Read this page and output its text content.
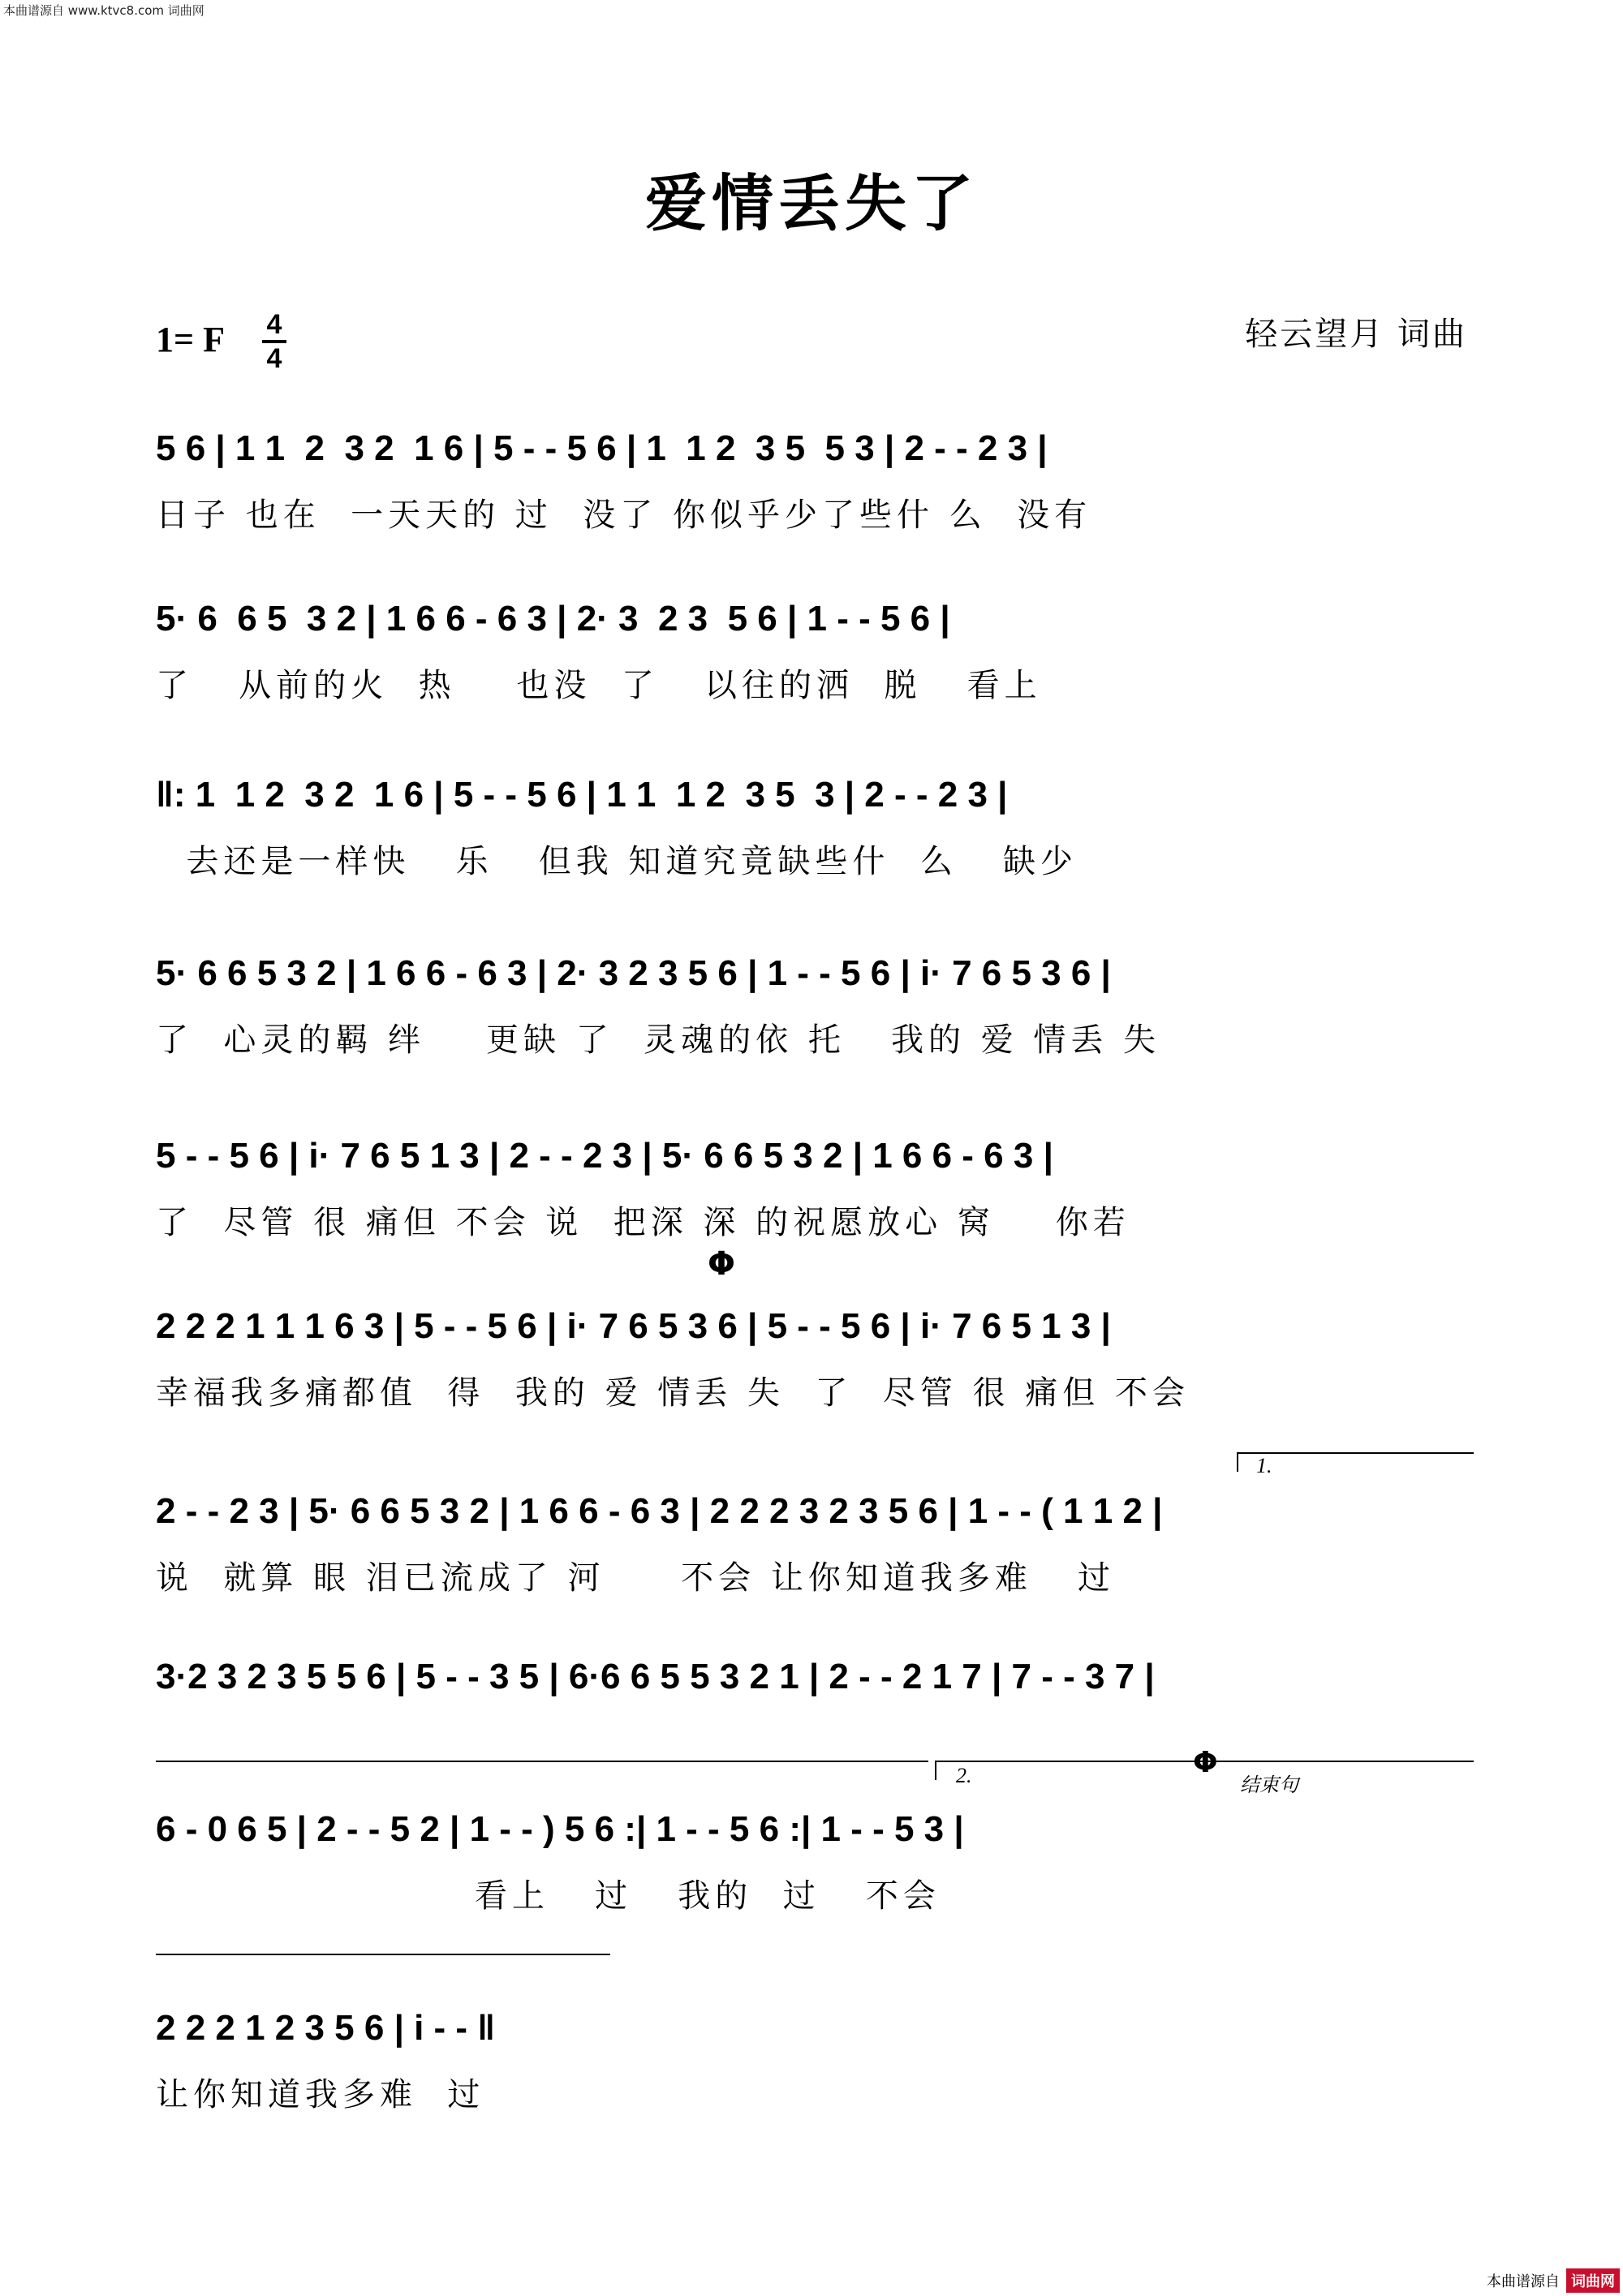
本曲谱源自 www.ktvc8.com 词曲网
爱情丢失了
1= F 4
4
轻云望月 词曲
5 6 | 1 1  2  3 2  1 6 | 5 - - 5 6 | 1  1 2  3 5  5 3 | 2 - - 2 3 |
日子 也在  一天天的 过  没了 你似乎少了些什 么  没有
5· 6  6 5  3 2 | 1 6 6 - 6 3 | 2· 3  2 3  5 6 | 1 - - 5 6 |
了   从前的火  热    也没  了   以往的洒  脱   看上
‖: 1  1 2  3 2  1 6 | 5 - - 5 6 | 1 1  1 2  3 5  3 | 2 - - 2 3 |
去还是一样快   乐   但我 知道究竟缺些什  么   缺少
5· 6 6 5 3 2 | 1 6 6 - 6 3 | 2· 3 2 3 5 6 | 1 - - 5 6 | i· 7 6 5 3 6 |
了  心灵的羁 绊    更缺 了  灵魂的依 托   我的 爱 情丢 失
5 - - 5 6 | i· 7 6 5 1 3 | 2 - - 2 3 | 5· 6 6 5 3 2 | 1 6 6 - 6 3 |
了  尽管 很 痛但 不会 说  把深 深 的祝愿放心 窝    你若
Φ
2 2 2 1 1 1 6 3 | 5 - - 5 6 | i· 7 6 5 3 6 | 5 - - 5 6 | i· 7 6 5 1 3 |
幸福我多痛都值  得  我的 爱 情丢 失  了  尽管 很 痛但 不会
1.
2 - - 2 3 | 5· 6 6 5 3 2 | 1 6 6 - 6 3 | 2 2 2 3 2 3 5 6 | 1 - - ( 1 1 2 |
说  就算 眼 泪已流成了 河     不会 让你知道我多难   过
3·2 3 2 3 5 5 6 | 5 - - 3 5 | 6·6 6 5 5 3 2 1 | 2 - - 2 1 7 | 7 - - 3 7 |
2.	Φ
结束句
6 - 0 6 5 | 2 - - 5 2 | 1 - - ) 5 6 :| 1 - - 5 6 :| 1 - - 5 3 |
看上   过   我的  过   不会
2 2 2 1 2 3 5 6 | i - - ‖
让你知道我多难  过
本曲谱源自 词曲网
